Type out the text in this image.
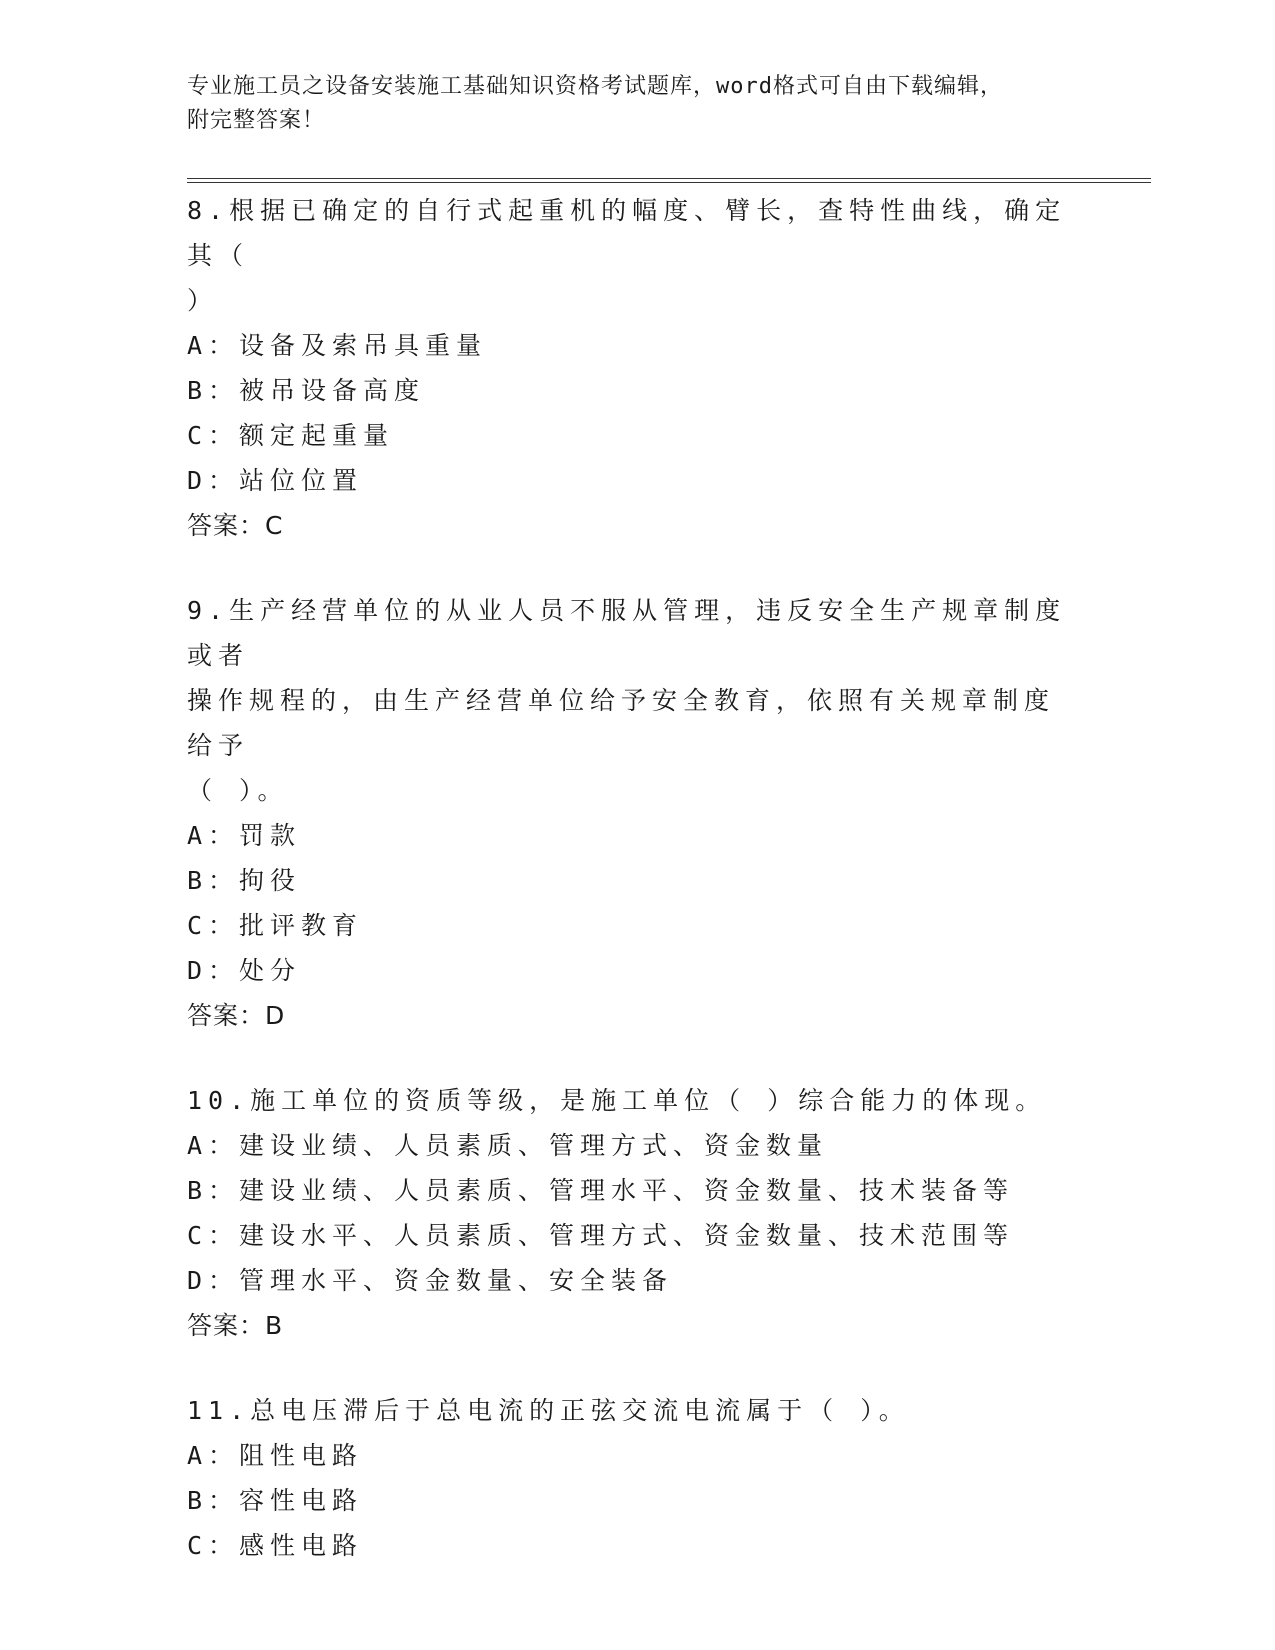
专业施工员之设备安装施工基础知识资格考试题库，word格式可自由下载编辑，
附完整答案！
8.根据已确定的自行式起重机的幅度、臂长，查特性曲线，确定其（
）
A：设备及索吊具重量
B：被吊设备高度
C：额定起重量
D：站位位置
答案：C
9.生产经营单位的从业人员不服从管理，违反安全生产规章制度或者
操作规程的，由生产经营单位给予安全教育，依照有关规章制度给予
（ ）。
A：罚款
B：拘役
C：批评教育
D：处分
答案：D
10.施工单位的资质等级，是施工单位（ ）综合能力的体现。
A：建设业绩、人员素质、管理方式、资金数量
B：建设业绩、人员素质、管理水平、资金数量、技术装备等
C：建设水平、人员素质、管理方式、资金数量、技术范围等
D：管理水平、资金数量、安全装备
答案：B
11.总电压滞后于总电流的正弦交流电流属于（ ）。
A：阻性电路
B：容性电路
C：感性电路
